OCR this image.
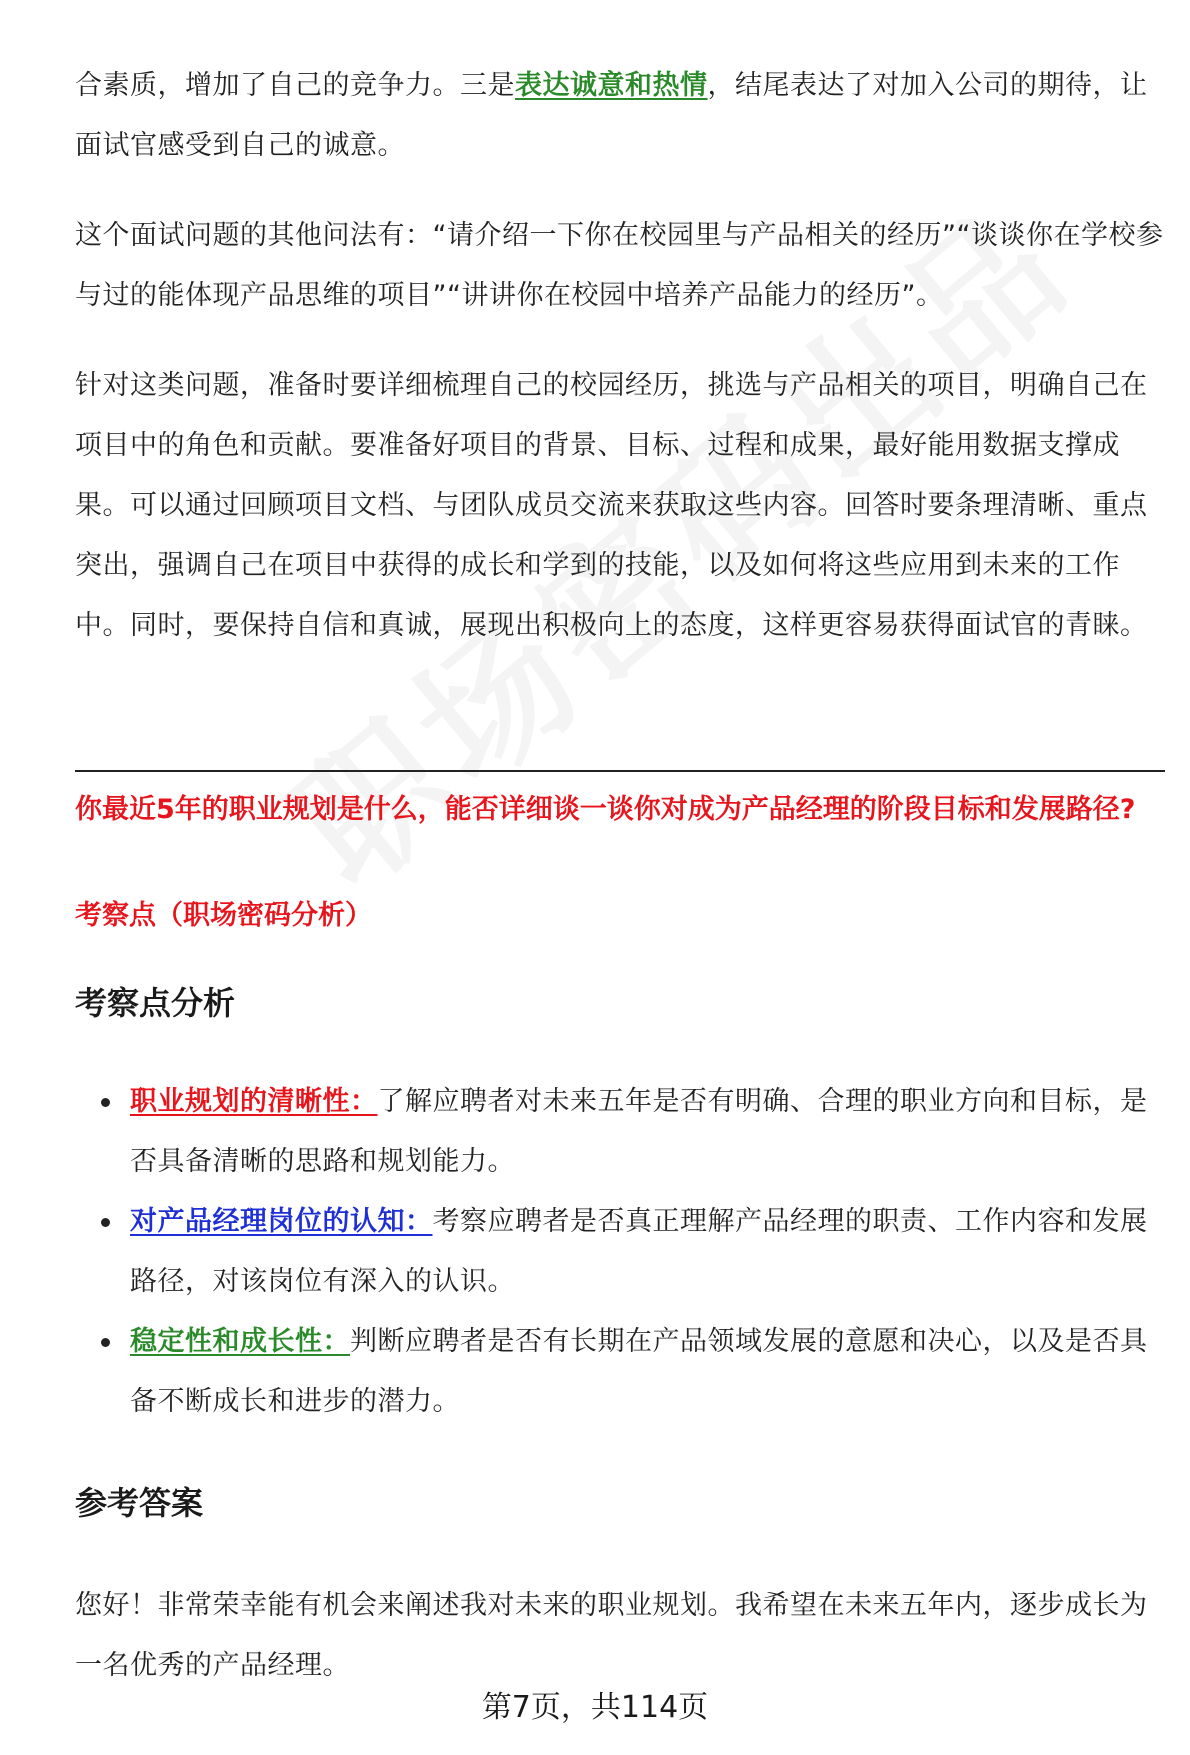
合素质，增加了自己的竞争力。三是表达诚意和热情，结尾表达了对加入公司的期待，让面试官感受到自己的诚意。

这个面试问题的其他问法有：“请介绍一下你在校园里与产品相关的经历”“谈谈你在学校参与过的能体现产品思维的项目”“讲讲你在校园中培养产品能力的经历”。

针对这类问题，准备时要详细梳理自己的校园经历，挑选与产品相关的项目，明确自己在项目中的角色和贡献。要准备好项目的背景、目标、过程和成果，最好能用数据支撑成果。可以通过回顾项目文档、与团队成员交流来获取这些内容。回答时要条理清晰、重点突出，强调自己在项目中获得的成长和学到的技能，以及如何将这些应用到未来的工作中。同时，要保持自信和真诚，展现出积极向上的态度，这样更容易获得面试官的青睐。

你最近5年的职业规划是什么，能否详细谈一谈你对成为产品经理的阶段目标和发展路径?

考察点（职场密码分析）

考察点分析
职业规划的清晰性：了解应聘者对未来五年是否有明确、合理的职业方向和目标，是否具备清晰的思路和规划能力。
对产品经理岗位的认知：考察应聘者是否真正理解产品经理的职责、工作内容和发展路径，对该岗位有深入的认识。
稳定性和成长性：判断应聘者是否有长期在产品领域发展的意愿和决心，以及是否具备不断成长和进步的潜力。
参考答案

您好！非常荣幸能有机会来阐述我对未来的职业规划。我希望在未来五年内，逐步成长为一名优秀的产品经理。

第7页，共114页
